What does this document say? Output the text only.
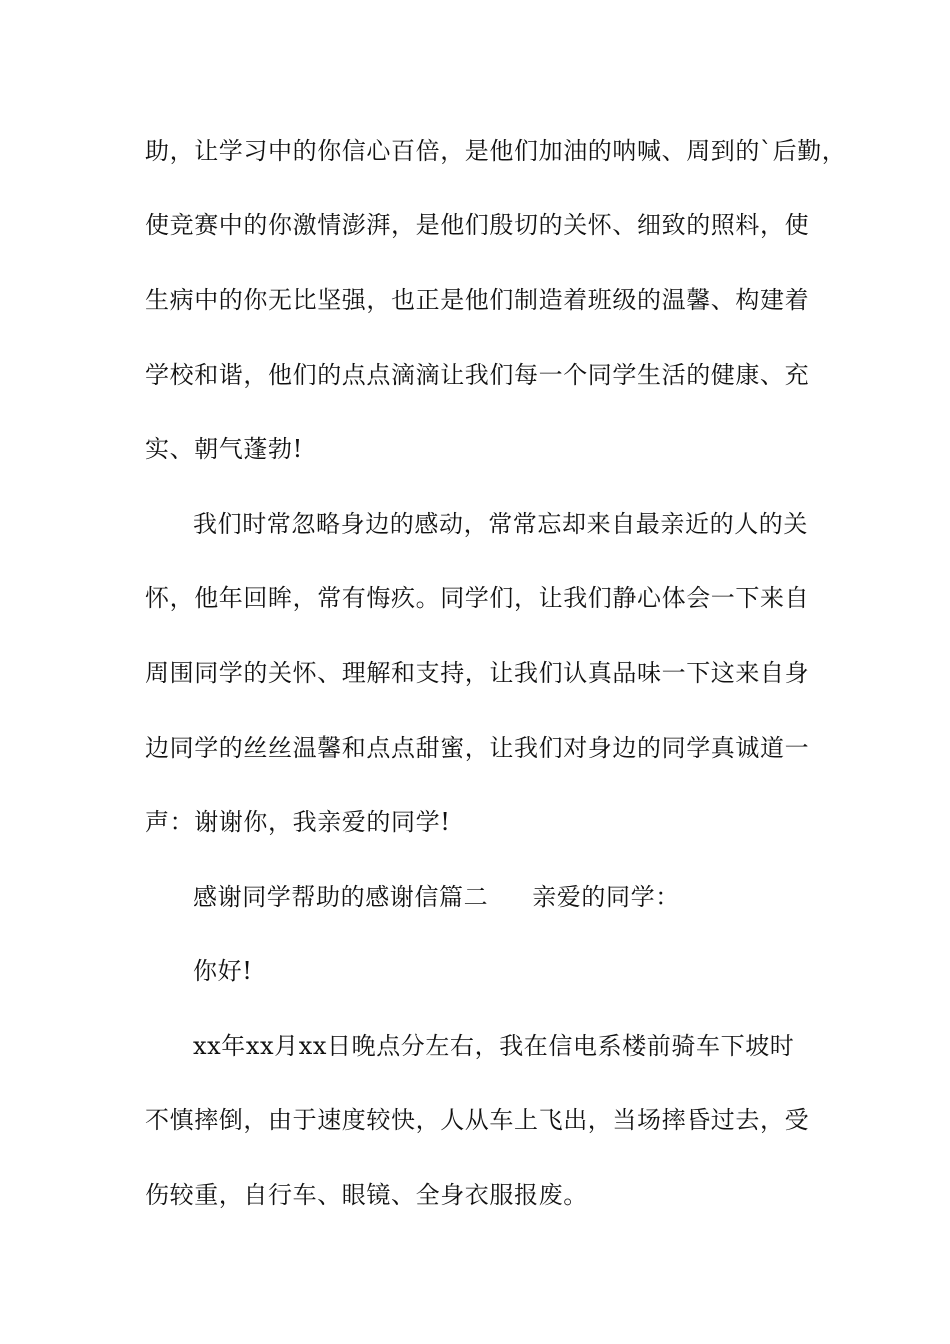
助，让学习中的你信心百倍，是他们加油的呐喊、周到的`后勤，
使竞赛中的你激情澎湃，是他们殷切的关怀、细致的照料，使
生病中的你无比坚强，也正是他们制造着班级的温馨、构建着
学校和谐，他们的点点滴滴让我们每一个同学生活的健康、充
实、朝气蓬勃!
我们时常忽略身边的感动，常常忘却来自最亲近的人的关
怀，他年回眸，常有悔疚。同学们，让我们静心体会一下来自
周围同学的关怀、理解和支持，让我们认真品味一下这来自身
边同学的丝丝温馨和点点甜蜜，让我们对身边的同学真诚道一
声：谢谢你，我亲爱的同学!
感谢同学帮助的感谢信篇二 亲爱的同学：
你好!
xx年xx月xx日晚点分左右，我在信电系楼前骑车下坡时
不慎摔倒，由于速度较快，人从车上飞出，当场摔昏过去，受
伤较重，自行车、眼镜、全身衣服报废。
